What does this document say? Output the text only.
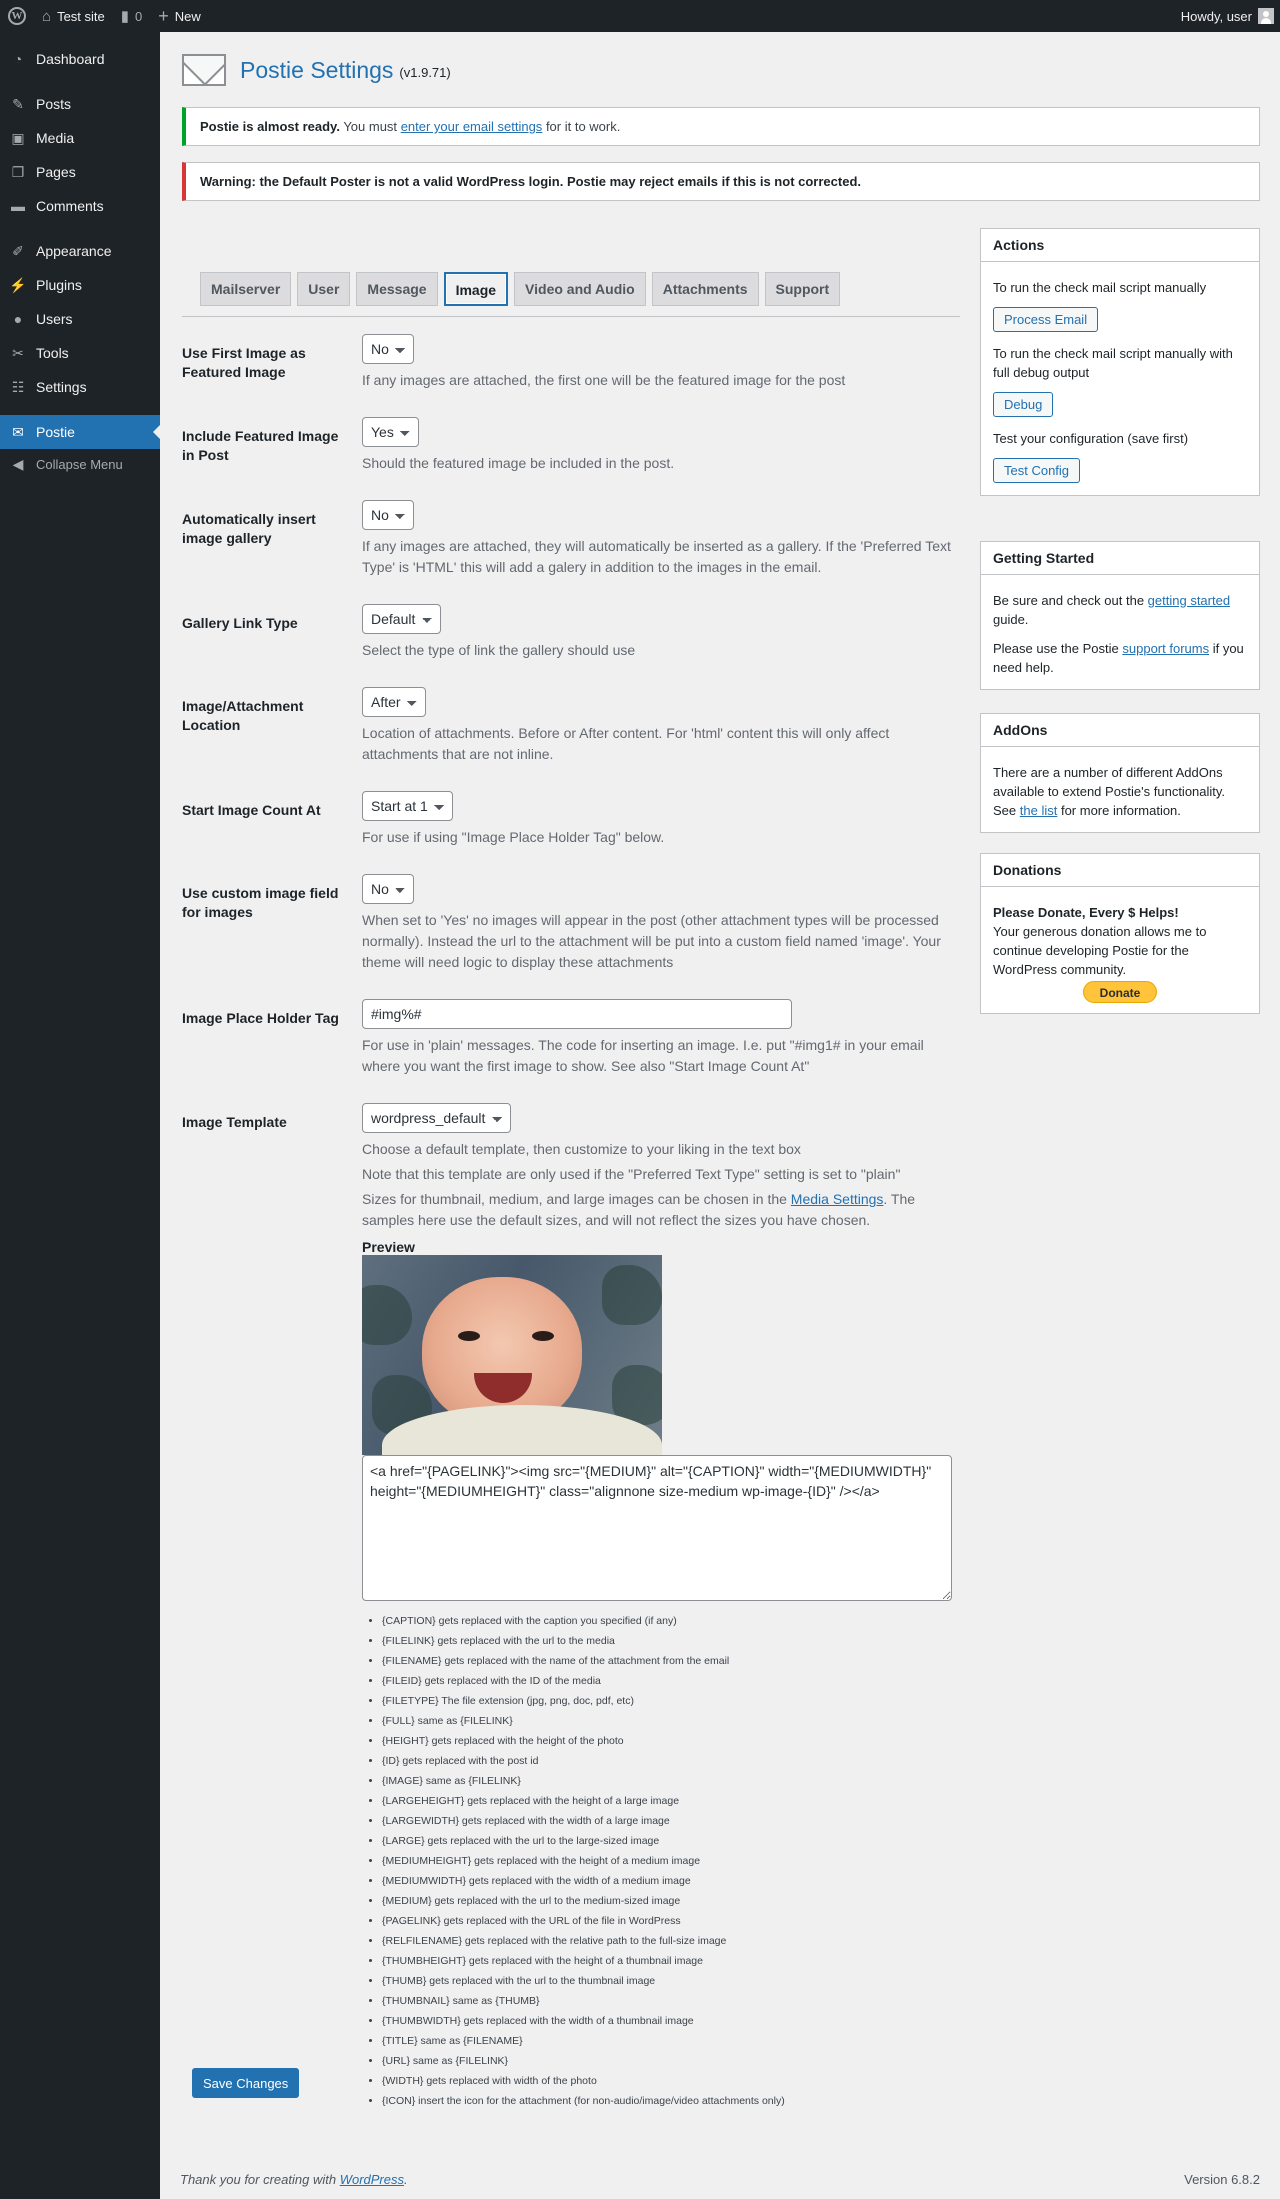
W ⌂ Test site ▮ 0 + New	Howdy, user
◔ Dashboard
✎ Posts
▣ Media
❐ Pages
▬ Comments
✐ Appearance
⚡ Plugins
● Users
✂ Tools
☷ Settings
✉ Postie
◀ Collapse Menu
Postie Settings (v1.9.71)
Postie is almost ready. You must enter your email settings for it to work.
Warning: the Default Poster is not a valid WordPress login. Postie may reject emails if this is not corrected.
Mailserver	User	Message	Image	Video and Audio	Attachments	Support
Use First Image as Featured Image
No	If any images are attached, the first one will be the featured image for the post
Include Featured Image in Post
Yes	Should the featured image be included in the post.
Automatically insert image gallery
No	If any images are attached, they will automatically be inserted as a gallery. If the 'Preferred Text Type' is 'HTML' this will add a galery in addition to the images in the email.
Gallery Link Type
Default
Select the type of link the gallery should use
Image/Attachment Location
After	Location of attachments. Before or After content. For 'html' content this will only affect attachments that are not inline.
Start Image Count At
Start at 1
For use if using "Image Place Holder Tag" below.
Use custom image field for images
No	When set to 'Yes' no images will appear in the post (other attachment types will be processed normally). Instead the url to the attachment will be put into a custom field named 'image'. Your theme will need logic to display these attachments
Image Place Holder Tag
#img%#
For use in 'plain' messages. The code for inserting an image. I.e. put "#img1# in your email where you want the first image to show. See also "Start Image Count At"
Image Template
wordpress_default
Choose a default template, then customize to your liking in the text box
Note that this template are only used if the "Preferred Text Type" setting is set to "plain"
Sizes for thumbnail, medium, and large images can be chosen in the Media Settings. The samples here use the default sizes, and will not reflect the sizes you have chosen.
Preview
<a href="{PAGELINK}"><img src="{MEDIUM}" alt="{CAPTION}" width="{MEDIUMWIDTH}" height="{MEDIUMHEIGHT}" class="alignnone size-medium wp-image-{ID}" /></a>
• {CAPTION} gets replaced with the caption you specified (if any)
• {FILELINK} gets replaced with the url to the media
• {FILENAME} gets replaced with the name of the attachment from the email
• {FILEID} gets replaced with the ID of the media
• {FILETYPE} The file extension (jpg, png, doc, pdf, etc)
• {FULL} same as {FILELINK}
• {HEIGHT} gets replaced with the height of the photo
• {ID} gets replaced with the post id
• {IMAGE} same as {FILELINK}
• {LARGEHEIGHT} gets replaced with the height of a large image
• {LARGEWIDTH} gets replaced with the width of a large image
• {LARGE} gets replaced with the url to the large-sized image
• {MEDIUMHEIGHT} gets replaced with the height of a medium image
• {MEDIUMWIDTH} gets replaced with the width of a medium image
• {MEDIUM} gets replaced with the url to the medium-sized image
• {PAGELINK} gets replaced with the URL of the file in WordPress
• {RELFILENAME} gets replaced with the relative path to the full-size image
• {THUMBHEIGHT} gets replaced with the height of a thumbnail image
• {THUMB} gets replaced with the url to the thumbnail image
• {THUMBNAIL} same as {THUMB}
• {THUMBWIDTH} gets replaced with the width of a thumbnail image
• {TITLE} same as {FILENAME}
• {URL} same as {FILELINK}
• {WIDTH} gets replaced with width of the photo
• {ICON} insert the icon for the attachment (for non-audio/image/video attachments only)
Save Changes
Actions

To run the check mail script manually

Process Email

To run the check mail script manually with full debug output

Debug

Test your configuration (save first)

Test Config
Getting Started

Be sure and check out the getting started guide.

Please use the Postie support forums if you need help.

AddOns

There are a number of different AddOns available to extend Postie's functionality. See the list for more information.

Donations
Please Donate, Every $ Helps!

Your generous donation allows me to continue developing Postie for the WordPress community.

Donate
Thank you for creating with WordPress.	Version 6.8.2
